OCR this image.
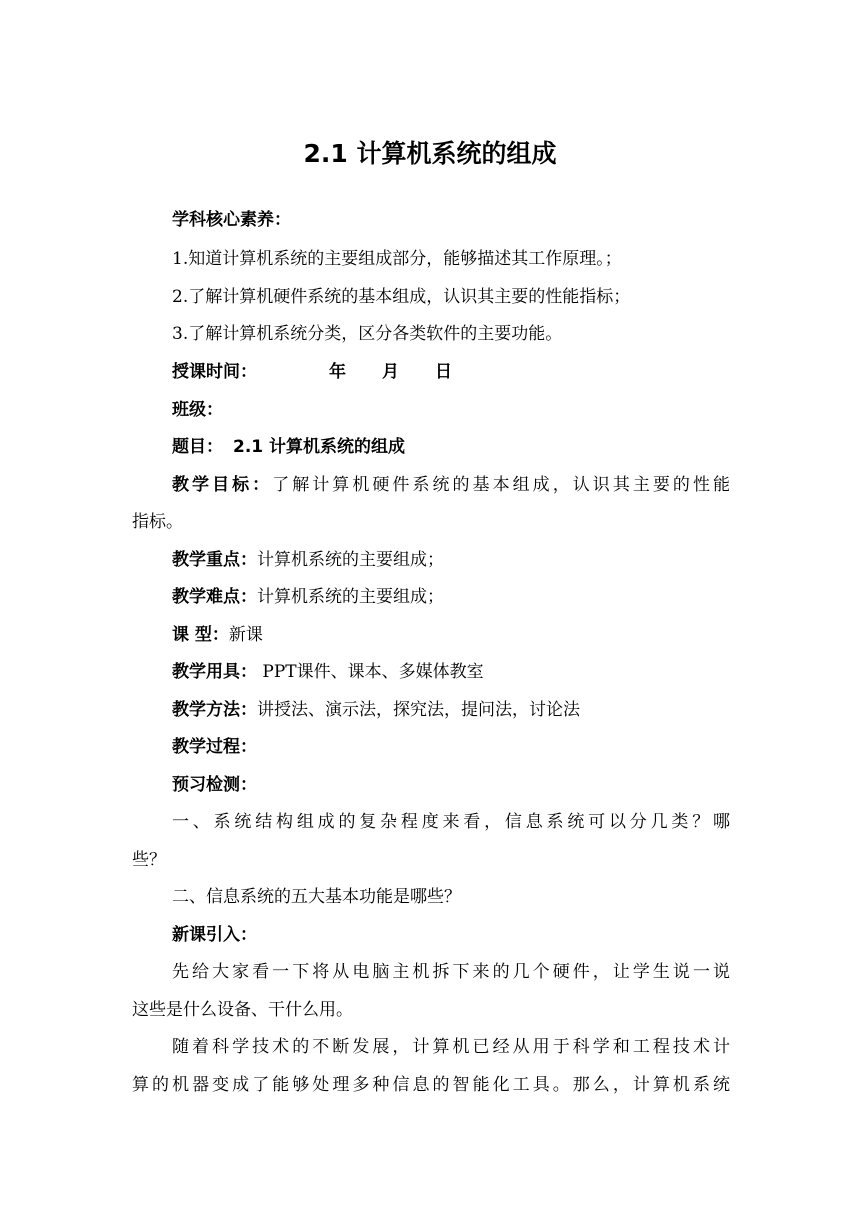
2.1 计算机系统的组成
学科核心素养：
1.知道计算机系统的主要组成部分，能够描述其工作原理。；
2.了解计算机硬件系统的基本组成，认识其主要的性能指标；
3.了解计算机系统分类，区分各类软件的主要功能。
授课时间：	年 月 日
班级：
题目： 2.1 计算机系统的组成
教学目标：了解计算机硬件系统的基本组成，认识其主要的性能
指标。
教学重点：计算机系统的主要组成；
教学难点：计算机系统的主要组成；
课 型：新课
教学用具： PPT课件、课本、多媒体教室
教学方法：讲授法、演示法，探究法，提问法，讨论法
教学过程：
预习检测：
一、系统结构组成的复杂程度来看，信息系统可以分几类？哪
些？
二、信息系统的五大基本功能是哪些？
新课引入：
先给大家看一下将从电脑主机拆下来的几个硬件，让学生说一说
这些是什么设备、干什么用。
随着科学技术的不断发展，计算机已经从用于科学和工程技术计
算的机器变成了能够处理多种信息的智能化工具。那么，计算机系统
